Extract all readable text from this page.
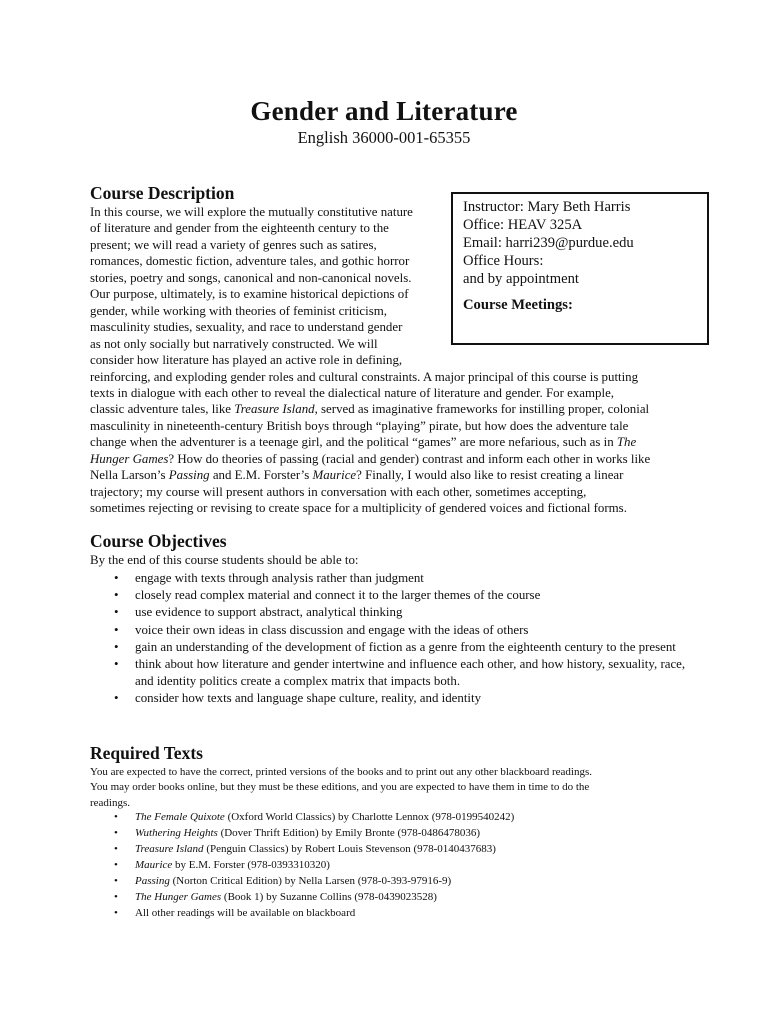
Gender and Literature
English 36000-001-65355
Course Description
Instructor: Mary Beth Harris
Office: HEAV 325A
Email: harri239@purdue.edu
Office Hours:
and by appointment
Course Meetings:
In this course, we will explore the mutually constitutive nature
of literature and gender from the eighteenth century to the
present; we will read a variety of genres such as satires,
romances, domestic fiction, adventure tales, and gothic horror
stories, poetry and songs, canonical and non-canonical novels.
Our purpose, ultimately, is to examine historical depictions of
gender, while working with theories of feminist criticism,
masculinity studies, sexuality, and race to understand gender
as not only socially but narratively constructed. We will
consider how literature has played an active role in defining,
reinforcing, and exploding gender roles and cultural constraints. A major principal of this course is putting
texts in dialogue with each other to reveal the dialectical nature of literature and gender. For example,
classic adventure tales, like Treasure Island, served as imaginative frameworks for instilling proper, colonial
masculinity in nineteenth-century British boys through “playing” pirate, but how does the adventure tale
change when the adventurer is a teenage girl, and the political “games” are more nefarious, such as in The
Hunger Games? How do theories of passing (racial and gender) contrast and inform each other in works like
Nella Larson’s Passing and E.M. Forster’s Maurice? Finally, I would also like to resist creating a linear
trajectory; my course will present authors in conversation with each other, sometimes accepting,
sometimes rejecting or revising to create space for a multiplicity of gendered voices and fictional forms.
Course Objectives

By the end of this course students should be able to:

• engage with texts through analysis rather than judgment
• closely read complex material and connect it to the larger themes of the course
• use evidence to support abstract, analytical thinking
• voice their own ideas in class discussion and engage with the ideas of others
• gain an understanding of the development of fiction as a genre from the eighteenth century to the present
• think about how literature and gender intertwine and influence each other, and how history, sexuality, race, and identity politics create a complex matrix that impacts both.
• consider how texts and language shape culture, reality, and identity
Required Texts
You are expected to have the correct, printed versions of the books and to print out any other blackboard readings.
You may order books online, but they must be these editions, and you are expected to have them in time to do the
readings.
• The Female Quixote (Oxford World Classics) by Charlotte Lennox (978-0199540242)
• Wuthering Heights (Dover Thrift Edition) by Emily Bronte (978-0486478036)
• Treasure Island (Penguin Classics) by Robert Louis Stevenson (978-0140437683)
• Maurice by E.M. Forster (978-0393310320)
• Passing (Norton Critical Edition) by Nella Larsen (978-0-393-97916-9)
• The Hunger Games (Book 1) by Suzanne Collins (978-0439023528)
• All other readings will be available on blackboard
